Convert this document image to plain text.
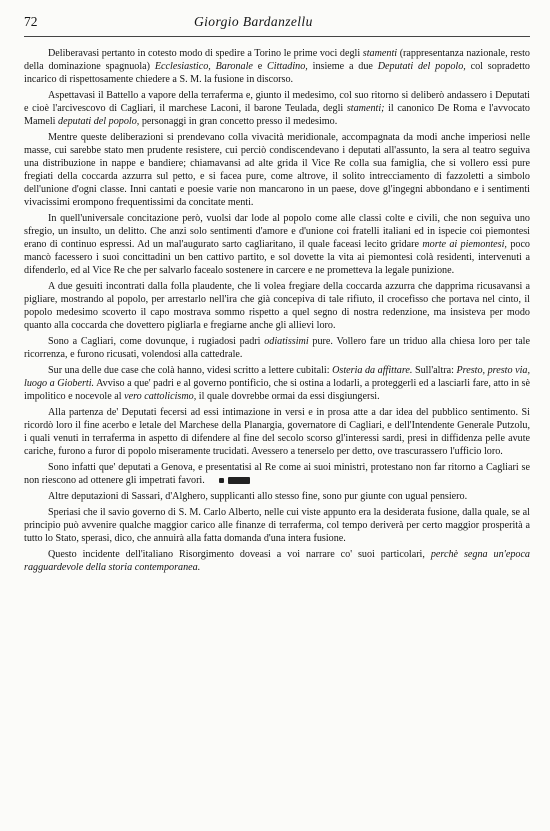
72	Giorgio Bardanzellu

Deliberavasi pertanto in cotesto modo di spedire a Torino le prime voci degli stamenti (rappresentanza nazionale, resto della dominazione spagnuola) Ecclesiastico, Baronale e Cittadino, insieme a due Deputati del popolo, col sopradetto incarico di rispettosamente chiedere a S. M. la fusione in discorso.

Aspettavasi il Battello a vapore della terraferma e, giunto il medesimo, col suo ritorno si deliberò andassero i Deputati e cioè l'arcivescovo di Cagliari, il marchese Laconi, il barone Teulada, degli stamenti; il canonico De Roma e l'avvocato Mameli deputati del popolo, personaggi in gran concetto presso il medesimo.

Mentre queste deliberazioni si prendevano colla vivacità meridionale, accompagnata da modi anche imperiosi nelle masse, cui sarebbe stato men prudente resistere, cui perciò condiscendevano i deputati all'assunto, la sera al teatro seguiva una distribuzione in nappe e bandiere; chiamavansi ad alte grida il Vice Re colla sua famiglia, che si vollero essi pure fregiati della coccarda azzurra sul petto, e si facea pure, come altrove, il solito intrecciamento di fazzoletti a simbolo dell'unione d'ogni classe. Inni cantati e poesie varie non mancarono in un paese, dove gl'ingegni abbondano e i sentimenti vivacissimi erompono frequentissimi da concitate menti.

In quell'universale concitazione però, vuolsi dar lode al popolo come alle classi colte e civili, che non seguiva uno sfregio, un insulto, un delitto. Che anzi solo sentimenti d'amore e d'unione coi fratelli italiani ed in ispecie coi piemontesi erano di continuo espressi. Ad un mal'augurato sarto cagliaritano, il quale faceasi lecito gridare morte ai piemontesi, poco mancò facessero i suoi concittadini un ben cattivo partito, e sol dovette la vita ai piemontesi colà residenti, intervenuti a difenderlo, ed al Vice Re che per salvarlo facealo sostenere in carcere e ne prometteva la legale punizione.

A due gesuiti incontrati dalla folla plaudente, che li volea fregiare della coccarda azzurra che dapprima ricusavansi a pigliare, mostrando al popolo, per arrestarlo nell'ira che già concepiva di tale rifiuto, il crocefisso che portava nel cinto, il popolo medesimo scoverto il capo mostrava sommo rispetto a quel segno di nostra redenzione, ma insisteva per modo quanto alla coccarda che dovettero pigliarla e fregiarne anche gli allievi loro.

Sono a Cagliari, come dovunque, i rugiadosi padri odiatissimi pure. Vollero fare un triduo alla chiesa loro per tale ricorrenza, e furono ricusati, volendosi alla cattedrale.

Sur una delle due case che colà hanno, videsi scritto a lettere cubitali: Osteria da affittare. Sull'altra: Presto, presto via, luogo a Gioberti. Avviso a que' padri e al governo pontificio, che si ostina a lodarli, a proteggerli ed a lasciarli fare, atto in sè impolitico e nocevole al vero cattolicismo, il quale dovrebbe ormai da essi disgiungersi.

Alla partenza de' Deputati fecersi ad essi intimazione in versi e in prosa atte a dar idea del pubblico sentimento. Si ricordò loro il fine acerbo e letale del Marchese della Planargia, governatore di Cagliari, e dell'Intendente Generale Putzolu, i quali venuti in terraferma in aspetto di difendere al fine del secolo scorso gl'interessi sardi, presi in diffidenza pelle avute cariche, furono a furor di popolo miseramente trucidati. Avessero a tenerselo per detto, ove trascurassero l'ufficio loro.

Sono infatti que' deputati a Genova, e presentatisi al Re come ai suoi ministri, protestano non far ritorno a Cagliari se non riescono ad ottenere gli impetrati favori.

Altre deputazioni di Sassari, d'Alghero, supplicanti allo stesso fine, sono pur giunte con ugual pensiero.

Speriasi che il savio governo di S. M. Carlo Alberto, nelle cui viste appunto era la desiderata fusione, dalla quale, se al principio può avvenire qualche maggior carico alle finanze di terraferma, col tempo deriverà per certo maggior prosperità a tutto lo Stato, sperasi, dico, che annuirà alla fatta domanda d'una intera fusione.

Questo incidente dell'italiano Risorgimento doveasi a voi narrare co' suoi particolari, perchè segna un'epoca ragguardevole della storia contemporanea.
